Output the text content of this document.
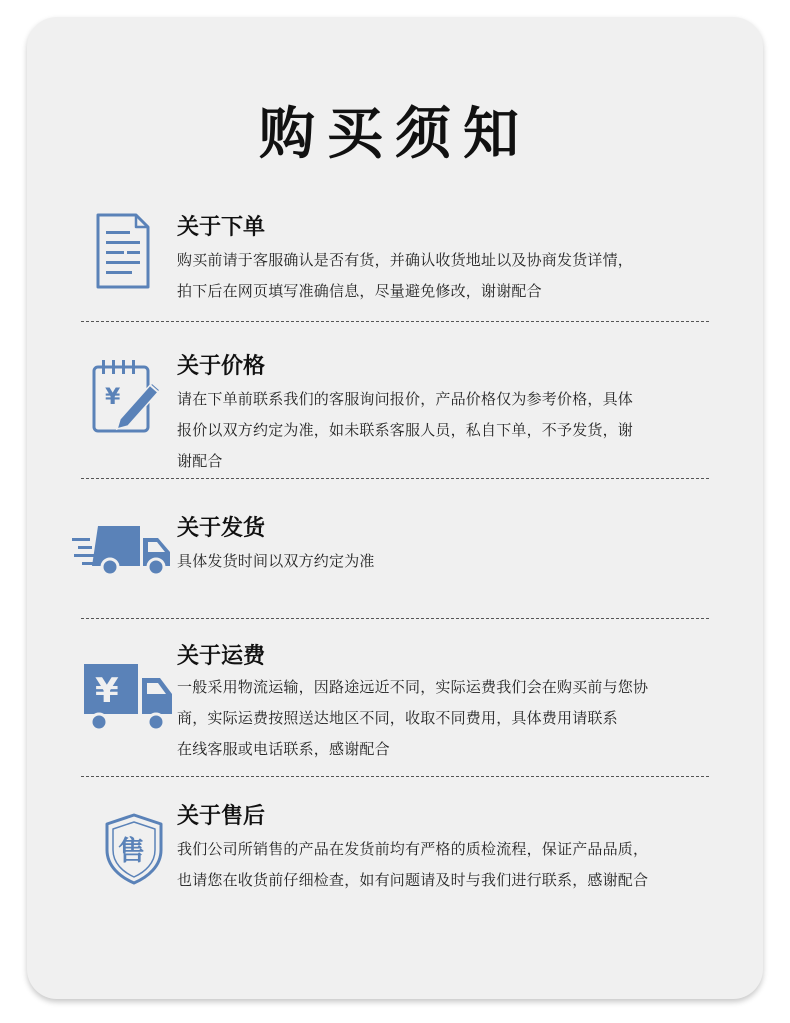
购买须知
关于下单
购买前请于客服确认是否有货，并确认收货地址以及协商发货详情，
拍下后在网页填写准确信息，尽量避免修改，谢谢配合
¥
关于价格
请在下单前联系我们的客服询问报价，产品价格仅为参考价格，具体
报价以双方约定为准，如未联系客服人员，私自下单，不予发货，谢
谢配合
关于发货
具体发货时间以双方约定为准
¥
关于运费
一般采用物流运输，因路途远近不同，实际运费我们会在购买前与您协
商，实际运费按照送达地区不同，收取不同费用，具体费用请联系
在线客服或电话联系，感谢配合
售
关于售后
我们公司所销售的产品在发货前均有严格的质检流程，保证产品品质，
也请您在收货前仔细检查，如有问题请及时与我们进行联系，感谢配合
